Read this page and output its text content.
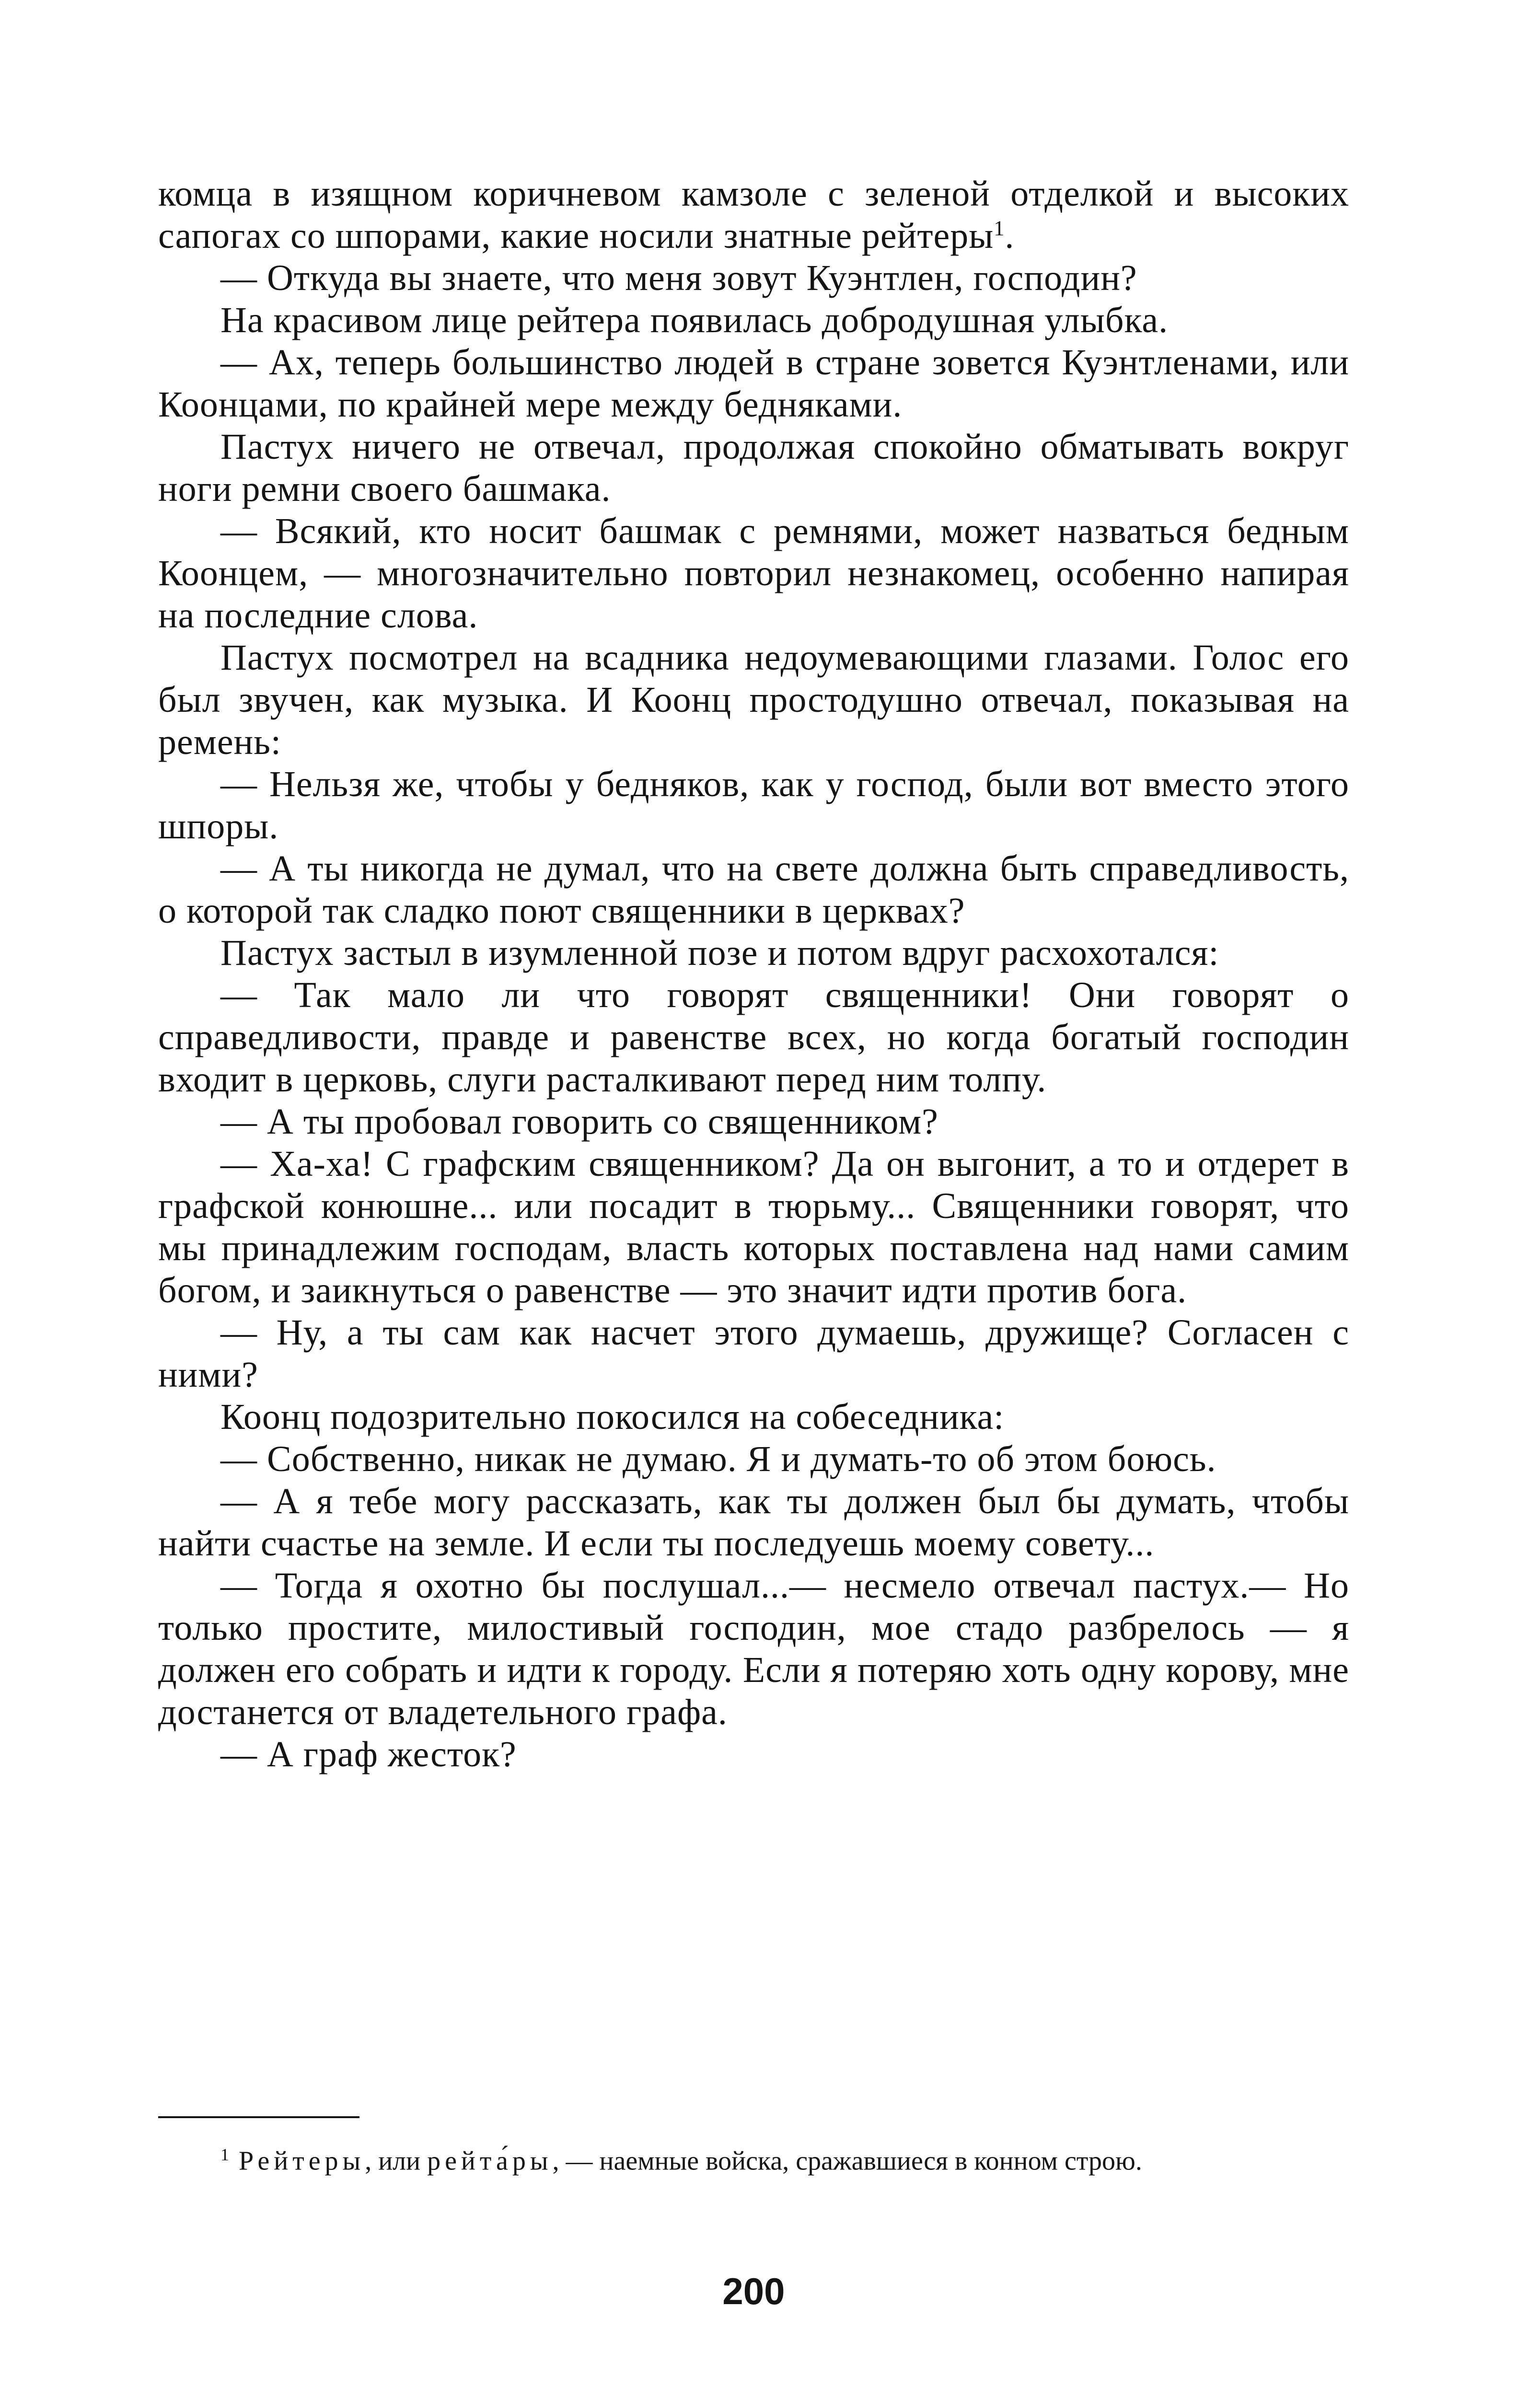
комца в изящном коричневом камзоле с зеленой отделкой и высоких сапогах со шпорами, какие носили знатные рейтеры$^1$.

— Откуда вы знаете, что меня зовут Куэнтлен, господин?

На красивом лице рейтера появилась добродушная улыбка.

— Ах, теперь большинство людей в стране зовется Куэнтленами, или Коонцами, по крайней мере между бедняками.

Пастух ничего не отвечал, продолжая спокойно обматывать вокруг ноги ремни своего башмака.

— Всякий, кто носит башмак с ремнями, может назваться бедным Коонцем, — многозначительно повторил незнакомец, особенно напирая на последние слова.

Пастух посмотрел на всадника недоумевающими глазами. Голос его был звучен, как музыка. И Коонц простодушно отвечал, показывая на ремень:

— Нельзя же, чтобы у бедняков, как у господ, были вот вместо этого шпоры.

— А ты никогда не думал, что на свете должна быть справедливость, о которой так сладко поют священники в церквах?

Пастух застыл в изумленной позе и потом вдруг расхохотался:

— Так мало ли что говорят священники! Они говорят о справедливости, правде и равенстве всех, но когда богатый господин входит в церковь, слуги расталкивают перед ним толпу.

— А ты пробовал говорить со священником?

— Ха-ха! С графским священником? Да он выгонит, а то и отдерет в графской конюшне... или посадит в тюрьму... Священники говорят, что мы принадлежим господам, власть которых поставлена над нами самим богом, и заикнуться о равенстве — это значит идти против бога.

— Ну, а ты сам как насчет этого думаешь, дружище? Согласен с ними?

Коонц подозрительно покосился на собеседника:

— Собственно, никак не думаю. Я и думать-то об этом боюсь.

— А я тебе могу рассказать, как ты должен был бы думать, чтобы найти счастье на земле. И если ты последуешь моему совету...

— Тогда я охотно бы послушал...— несмело отвечал пастух.— Но только простите, милостивый господин, мое стадо разбрелось — я должен его собрать и идти к городу. Если я потеряю хоть одну корову, мне достанется от владетельного графа.

— А граф жесток?

$^1$ Рейтеры, или рейта́ры, — наемные войска, сражавшиеся в конном строю.

200
